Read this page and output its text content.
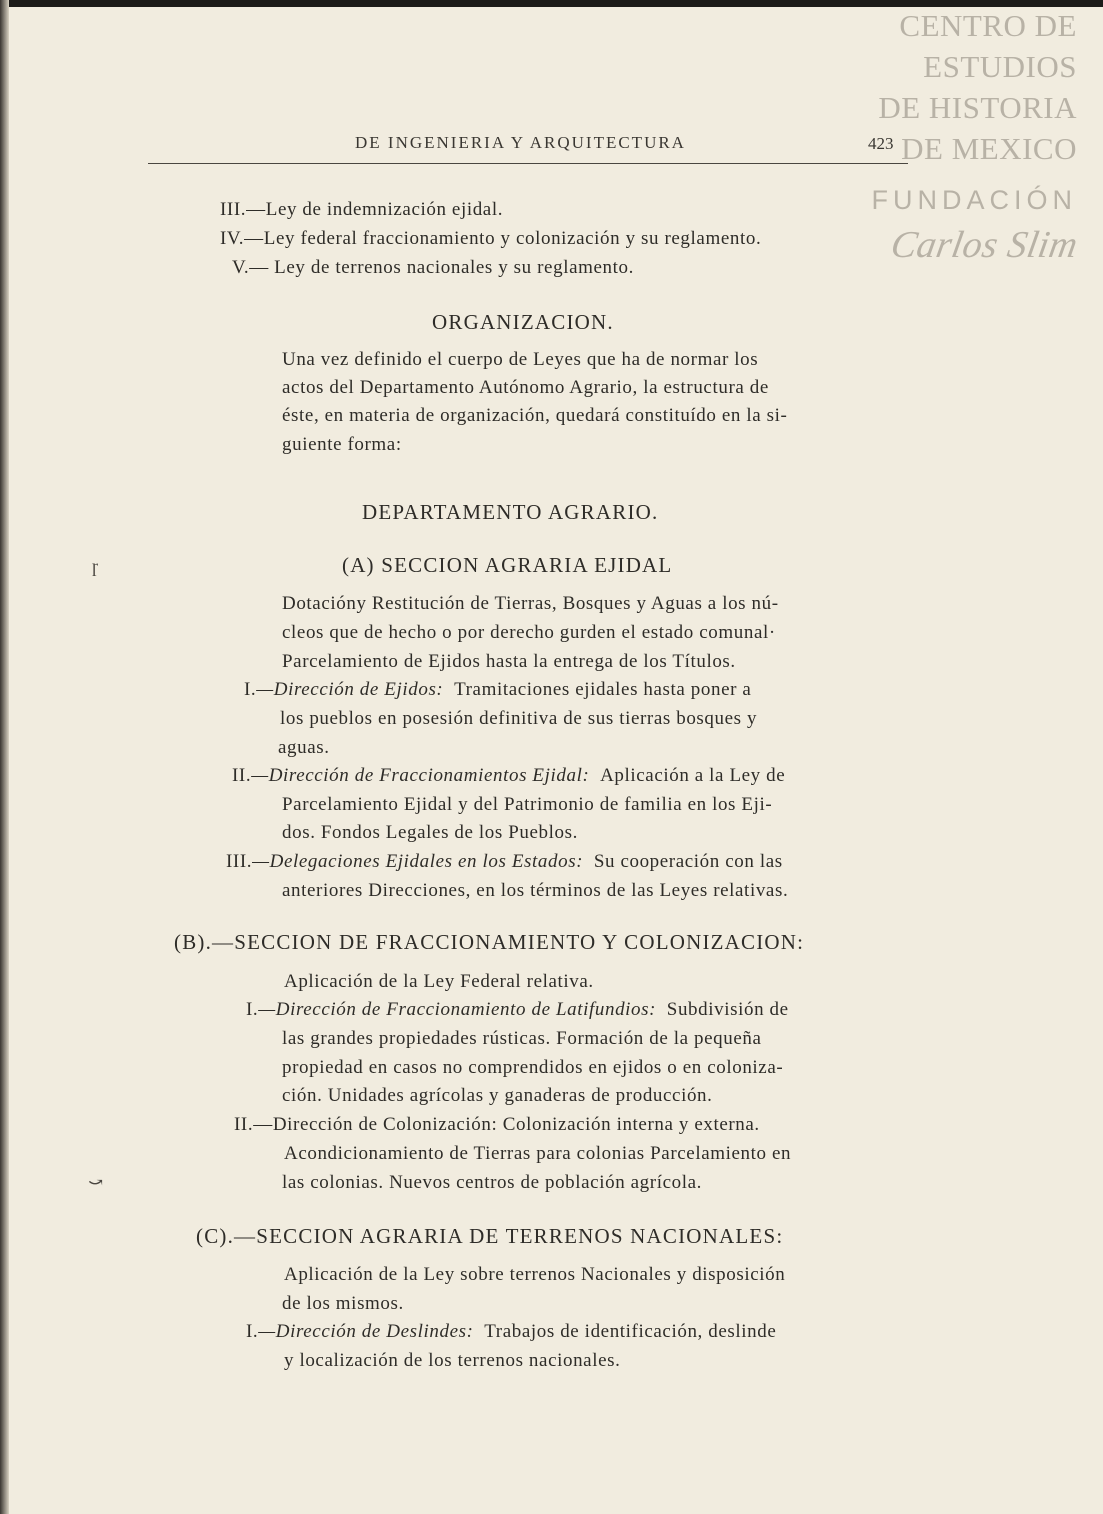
CENTRO DE
ESTUDIOS
DE HISTORIA
DE MEXICO
FUNDACIÓN
Carlos Slim
DE INGENIERIA Y ARQUITECTURA	423
III.—Ley de indemnización ejidal.
IV.—Ley federal fraccionamiento y colonización y su reglamento.
V.— Ley de terrenos nacionales y su reglamento.
ORGANIZACION.
Una vez definido el cuerpo de Leyes que ha de normar los
actos del Departamento Autónomo Agrario, la estructura de
éste, en materia de organización, quedará constituído en la si-
guiente forma:
DEPARTAMENTO AGRARIO.
ɼ	(A) SECCION AGRARIA EJIDAL
Dotacióny Restitución de Tierras, Bosques y Aguas a los nú-
cleos que de hecho o por derecho gurden el estado comunal·
Parcelamiento de Ejidos hasta la entrega de los Títulos.
I.—Dirección de Ejidos: Tramitaciones ejidales hasta poner a
los pueblos en posesión definitiva de sus tierras bosques y
aguas.
II.—Dirección de Fraccionamientos Ejidal: Aplicación a la Ley de
Parcelamiento Ejidal y del Patrimonio de familia en los Eji-
dos. Fondos Legales de los Pueblos.
III.—Delegaciones Ejidales en los Estados: Su cooperación con las
anteriores Direcciones, en los términos de las Leyes relativas.
(B).—SECCION DE FRACCIONAMIENTO Y COLONIZACION:
Aplicación de la Ley Federal relativa.
I.—Dirección de Fraccionamiento de Latifundios: Subdivisión de
las grandes propiedades rústicas. Formación de la pequeña
propiedad en casos no comprendidos en ejidos o en coloniza-
ción. Unidades agrícolas y ganaderas de producción.
II.—Dirección de Colonización: Colonización interna y externa.
Acondicionamiento de Tierras para colonias Parcelamiento en
⤻	las colonias. Nuevos centros de población agrícola.
(C).—SECCION AGRARIA DE TERRENOS NACIONALES:
Aplicación de la Ley sobre terrenos Nacionales y disposición
de los mismos.
I.—Dirección de Deslindes: Trabajos de identificación, deslinde
y localización de los terrenos nacionales.
